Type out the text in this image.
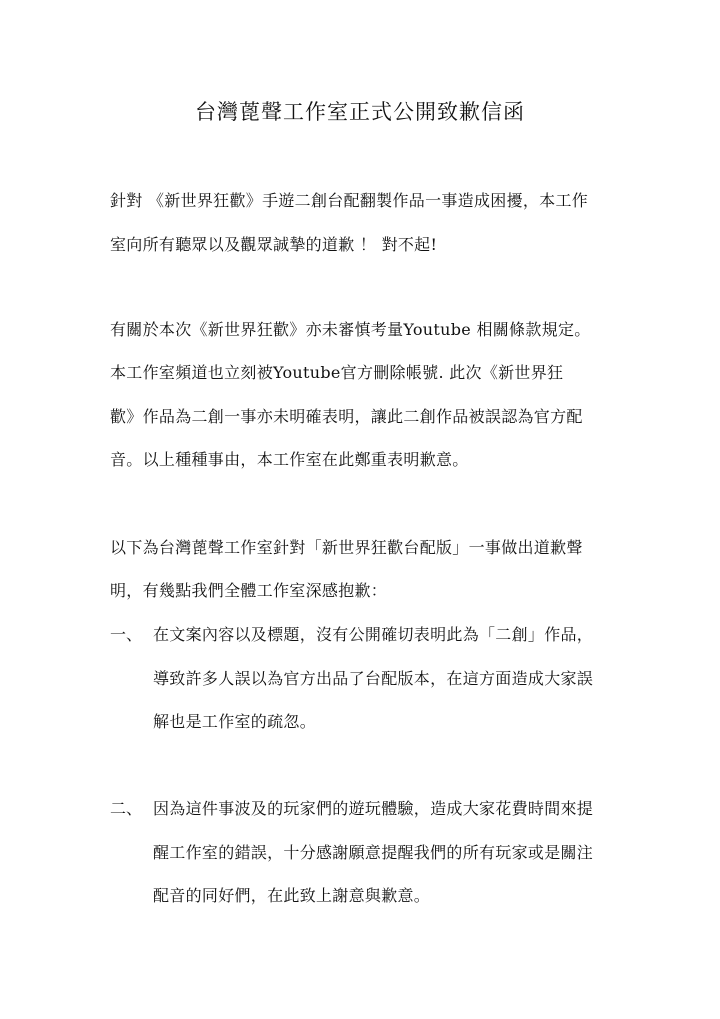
台灣蓖聲工作室正式公開致歉信函
針對 《新世界狂歡》手遊二創台配翻製作品一事造成困擾，本工作
室向所有聽眾以及觀眾誠摯的道歉 ！ 對不起!
有關於本次《新世界狂歡》亦未審慎考量Youtube 相關條款規定。
本工作室頻道也立刻被Youtube官方刪除帳號. 此次《新世界狂
歡》作品為二創一事亦未明確表明，讓此二創作品被誤認為官方配
音。以上種種事由，本工作室在此鄭重表明歉意。
以下為台灣蓖聲工作室針對「新世界狂歡台配版」一事做出道歉聲
明，有幾點我們全體工作室深感抱歉：
一、 在文案內容以及標題，沒有公開確切表明此為「二創」作品，
導致許多人誤以為官方出品了台配版本，在這方面造成大家誤
解也是工作室的疏忽。
二、 因為這件事波及的玩家們的遊玩體驗，造成大家花費時間來提
醒工作室的錯誤，十分感謝願意提醒我們的所有玩家或是關注
配音的同好們，在此致上謝意與歉意。
